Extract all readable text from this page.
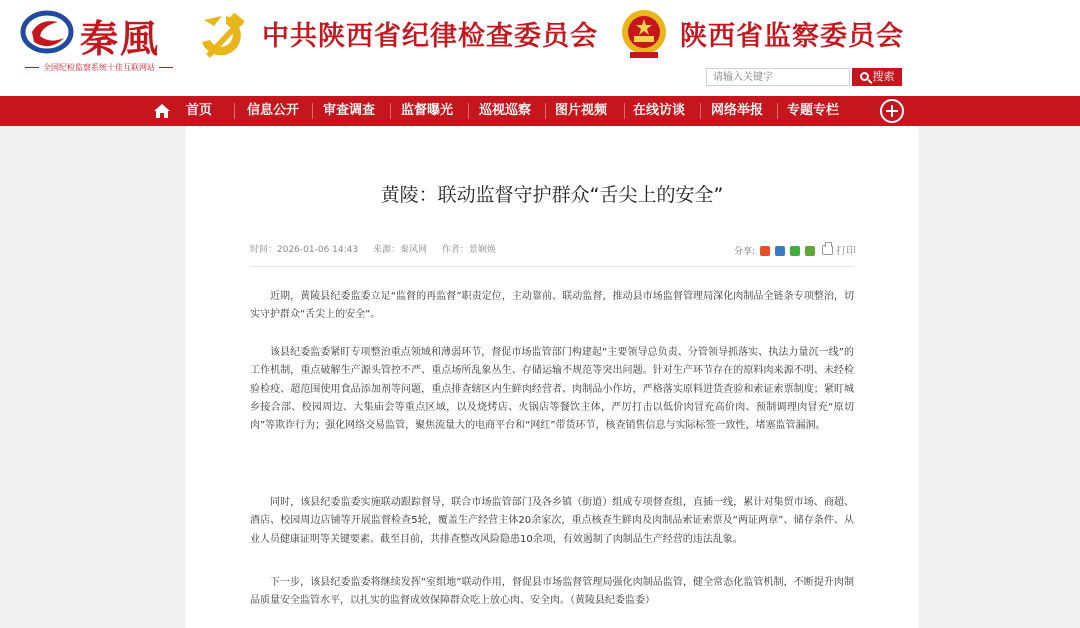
秦風
全国纪检监察系统十佳互联网站
中共陕西省纪律检查委员会	陕西省监察委员会
请输入关键字
搜索
首页	信息公开	审查调查	监督曝光	巡视巡察	图片视频	在线访谈	网络举报	专题专栏
黄陵：联动监督守护群众“舌尖上的安全”
时间：2026-01-06 14:43 来源：秦风网 作者：景娴焕	分享:	打印

近期，黄陵县纪委监委立足“监督的再监督”职责定位，主动靠前、联动监督，推动县市场监督管理局深化肉制品全链条专项整治，切实守护群众“舌尖上的安全”。

该县纪委监委紧盯专项整治重点领域和薄弱环节，督促市场监管部门构建起“主要领导总负责、分管领导抓落实、执法力量沉一线”的工作机制，重点破解生产源头管控不严、重点场所乱象丛生、存储运输不规范等突出问题。针对生产环节存在的原料肉来源不明、未经检验检疫、超范围使用食品添加剂等问题，重点排查辖区内生鲜肉经营者、肉制品小作坊，严格落实原料进货查验和索证索票制度；紧盯城乡接合部、校园周边、大集庙会等重点区域，以及烧烤店、火锅店等餐饮主体，严厉打击以低价肉冒充高价肉、预制调理肉冒充“原切肉”等欺诈行为；强化网络交易监管，聚焦流量大的电商平台和“网红”带货环节，核查销售信息与实际标签一致性，堵塞监管漏洞。

同时，该县纪委监委实施联动跟踪督导，联合市场监管部门及各乡镇（街道）组成专项督查组，直插一线，累计对集贸市场、商超、酒店、校园周边店铺等开展监督检查5轮，覆盖生产经营主体20余家次，重点核查生鲜肉及肉制品索证索票及“两证两章”、储存条件、从业人员健康证明等关键要素。截至目前，共排查整改风险隐患10余项，有效遏制了肉制品生产经营的违法乱象。

下一步，该县纪委监委将继续发挥“室组地”联动作用，督促县市场监督管理局强化肉制品监管，健全常态化监管机制，不断提升肉制品质量安全监管水平，以扎实的监督成效保障群众吃上放心肉、安全肉。（黄陵县纪委监委）
